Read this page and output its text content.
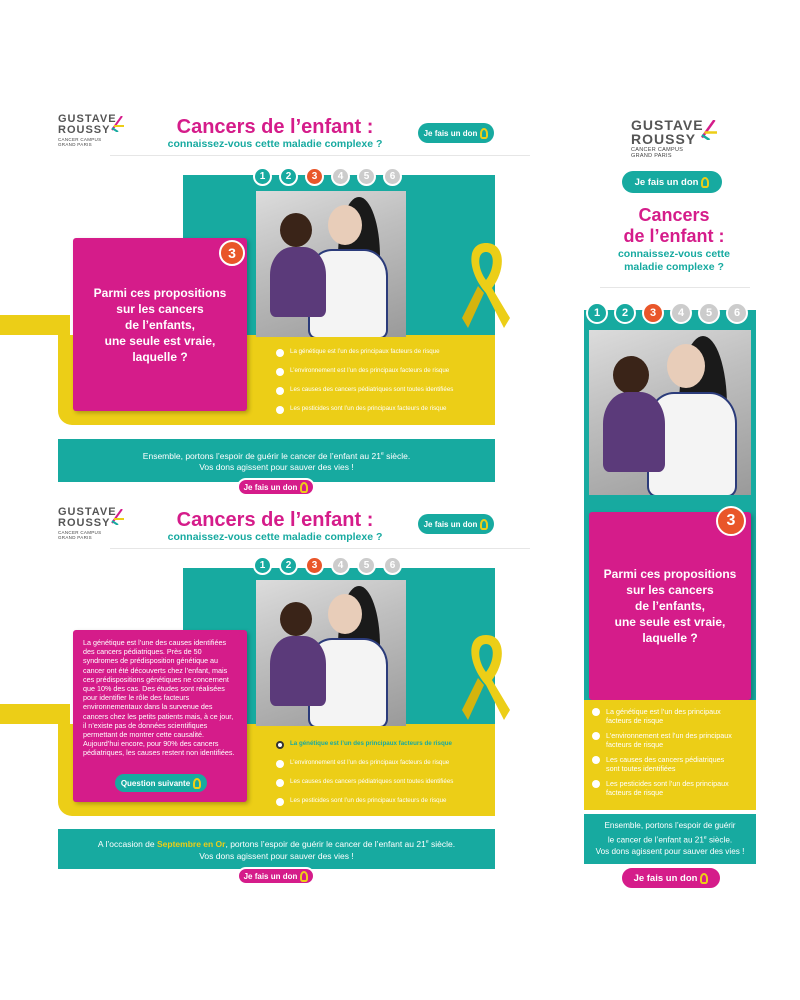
GUSTAVE
ROUSSY
CANCER CAMPUS
GRAND PARIS
Cancers de l’enfant :
connaissez-vous cette maladie complexe ?
Je fais un don
1	2	3	4	5	6
Parmi ces propositions
sur les cancers
de l’enfants,
une seule est vraie,
laquelle ?
3
La génétique est l’un des principaux facteurs de risque
L’environnement est l’un des principaux facteurs de risque
Les causes des cancers pédiatriques sont toutes identifiées
Les pesticides sont l’un des principaux facteurs de risque
Ensemble, portons l’espoir de guérir le cancer de l’enfant au 21e siècle.
Vos dons agissent pour sauver des vies !
Je fais un don
GUSTAVE
ROUSSY
CANCER CAMPUS
GRAND PARIS
Cancers de l’enfant :
connaissez-vous cette maladie complexe ?
Je fais un don
1	2	3	4	5	6
La génétique est l’une des causes identifiées des cancers pédiatriques. Près de 50 syndromes de prédisposition génétique au cancer ont été découverts chez l’enfant, mais ces prédispositions génétiques ne concernent que 10% des cas. Des études sont réalisées pour identifier le rôle des facteurs environnementaux dans la survenue des cancers chez les petits patients mais, à ce jour, il n’existe pas de données scientifiques permettant de montrer cette causalité. Aujourd’hui encore, pour 90% des cancers pédiatriques, les causes restent non identifiées.
Question suivante
La génétique est l’un des principaux facteurs de risque
L’environnement est l’un des principaux facteurs de risque
Les causes des cancers pédiatriques sont toutes identifiées
Les pesticides sont l’un des principaux facteurs de risque
A l’occasion de Septembre en Or, portons l’espoir de guérir le cancer de l’enfant au 21e siècle.
Vos dons agissent pour sauver des vies !
Je fais un don
GUSTAVE
ROUSSY
CANCER CAMPUS
GRAND PARIS
Je fais un don
Cancers
de l’enfant :
connaissez-vous cette
maladie complexe ?
1	2	3	4	5	6
Parmi ces propositions
sur les cancers
de l’enfants,
une seule est vraie,
laquelle ?
3
La génétique est l’un des principaux
facteurs de risque
L’environnement est l’un des principaux
facteurs de risque
Les causes des cancers pédiatriques
sont toutes identifiées
Les pesticides sont l’un des principaux
facteurs de risque
Ensemble, portons l’espoir de guérir
le cancer de l’enfant au 21e siècle.
Vos dons agissent pour sauver des vies !
Je fais un don
